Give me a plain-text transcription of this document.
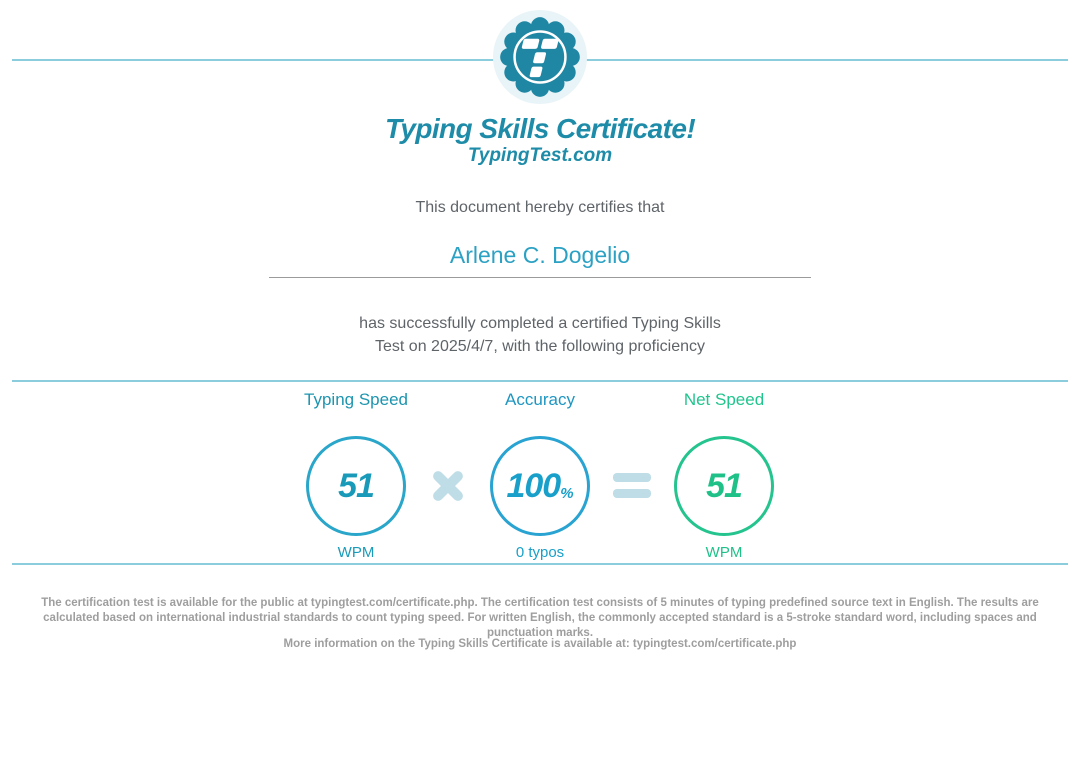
Typing Skills Certificate!
TypingTest.com
This document hereby certifies that
Arlene C. Dogelio
has successfully completed a certified Typing Skills
Test on 2025/4/7, with the following proficiency
Typing Speed
51
WPM
Accuracy
100 %
0 typos
Net Speed
51
WPM
The certification test is available for the public at typingtest.com/certificate.php. The certification test consists of 5 minutes of typing predefined source text in English. The results are calculated based on international industrial standards to count typing speed. For written English, the commonly accepted standard is a 5-stroke standard word, including spaces and punctuation marks.
More information on the Typing Skills Certificate is available at: typingtest.com/certificate.php
